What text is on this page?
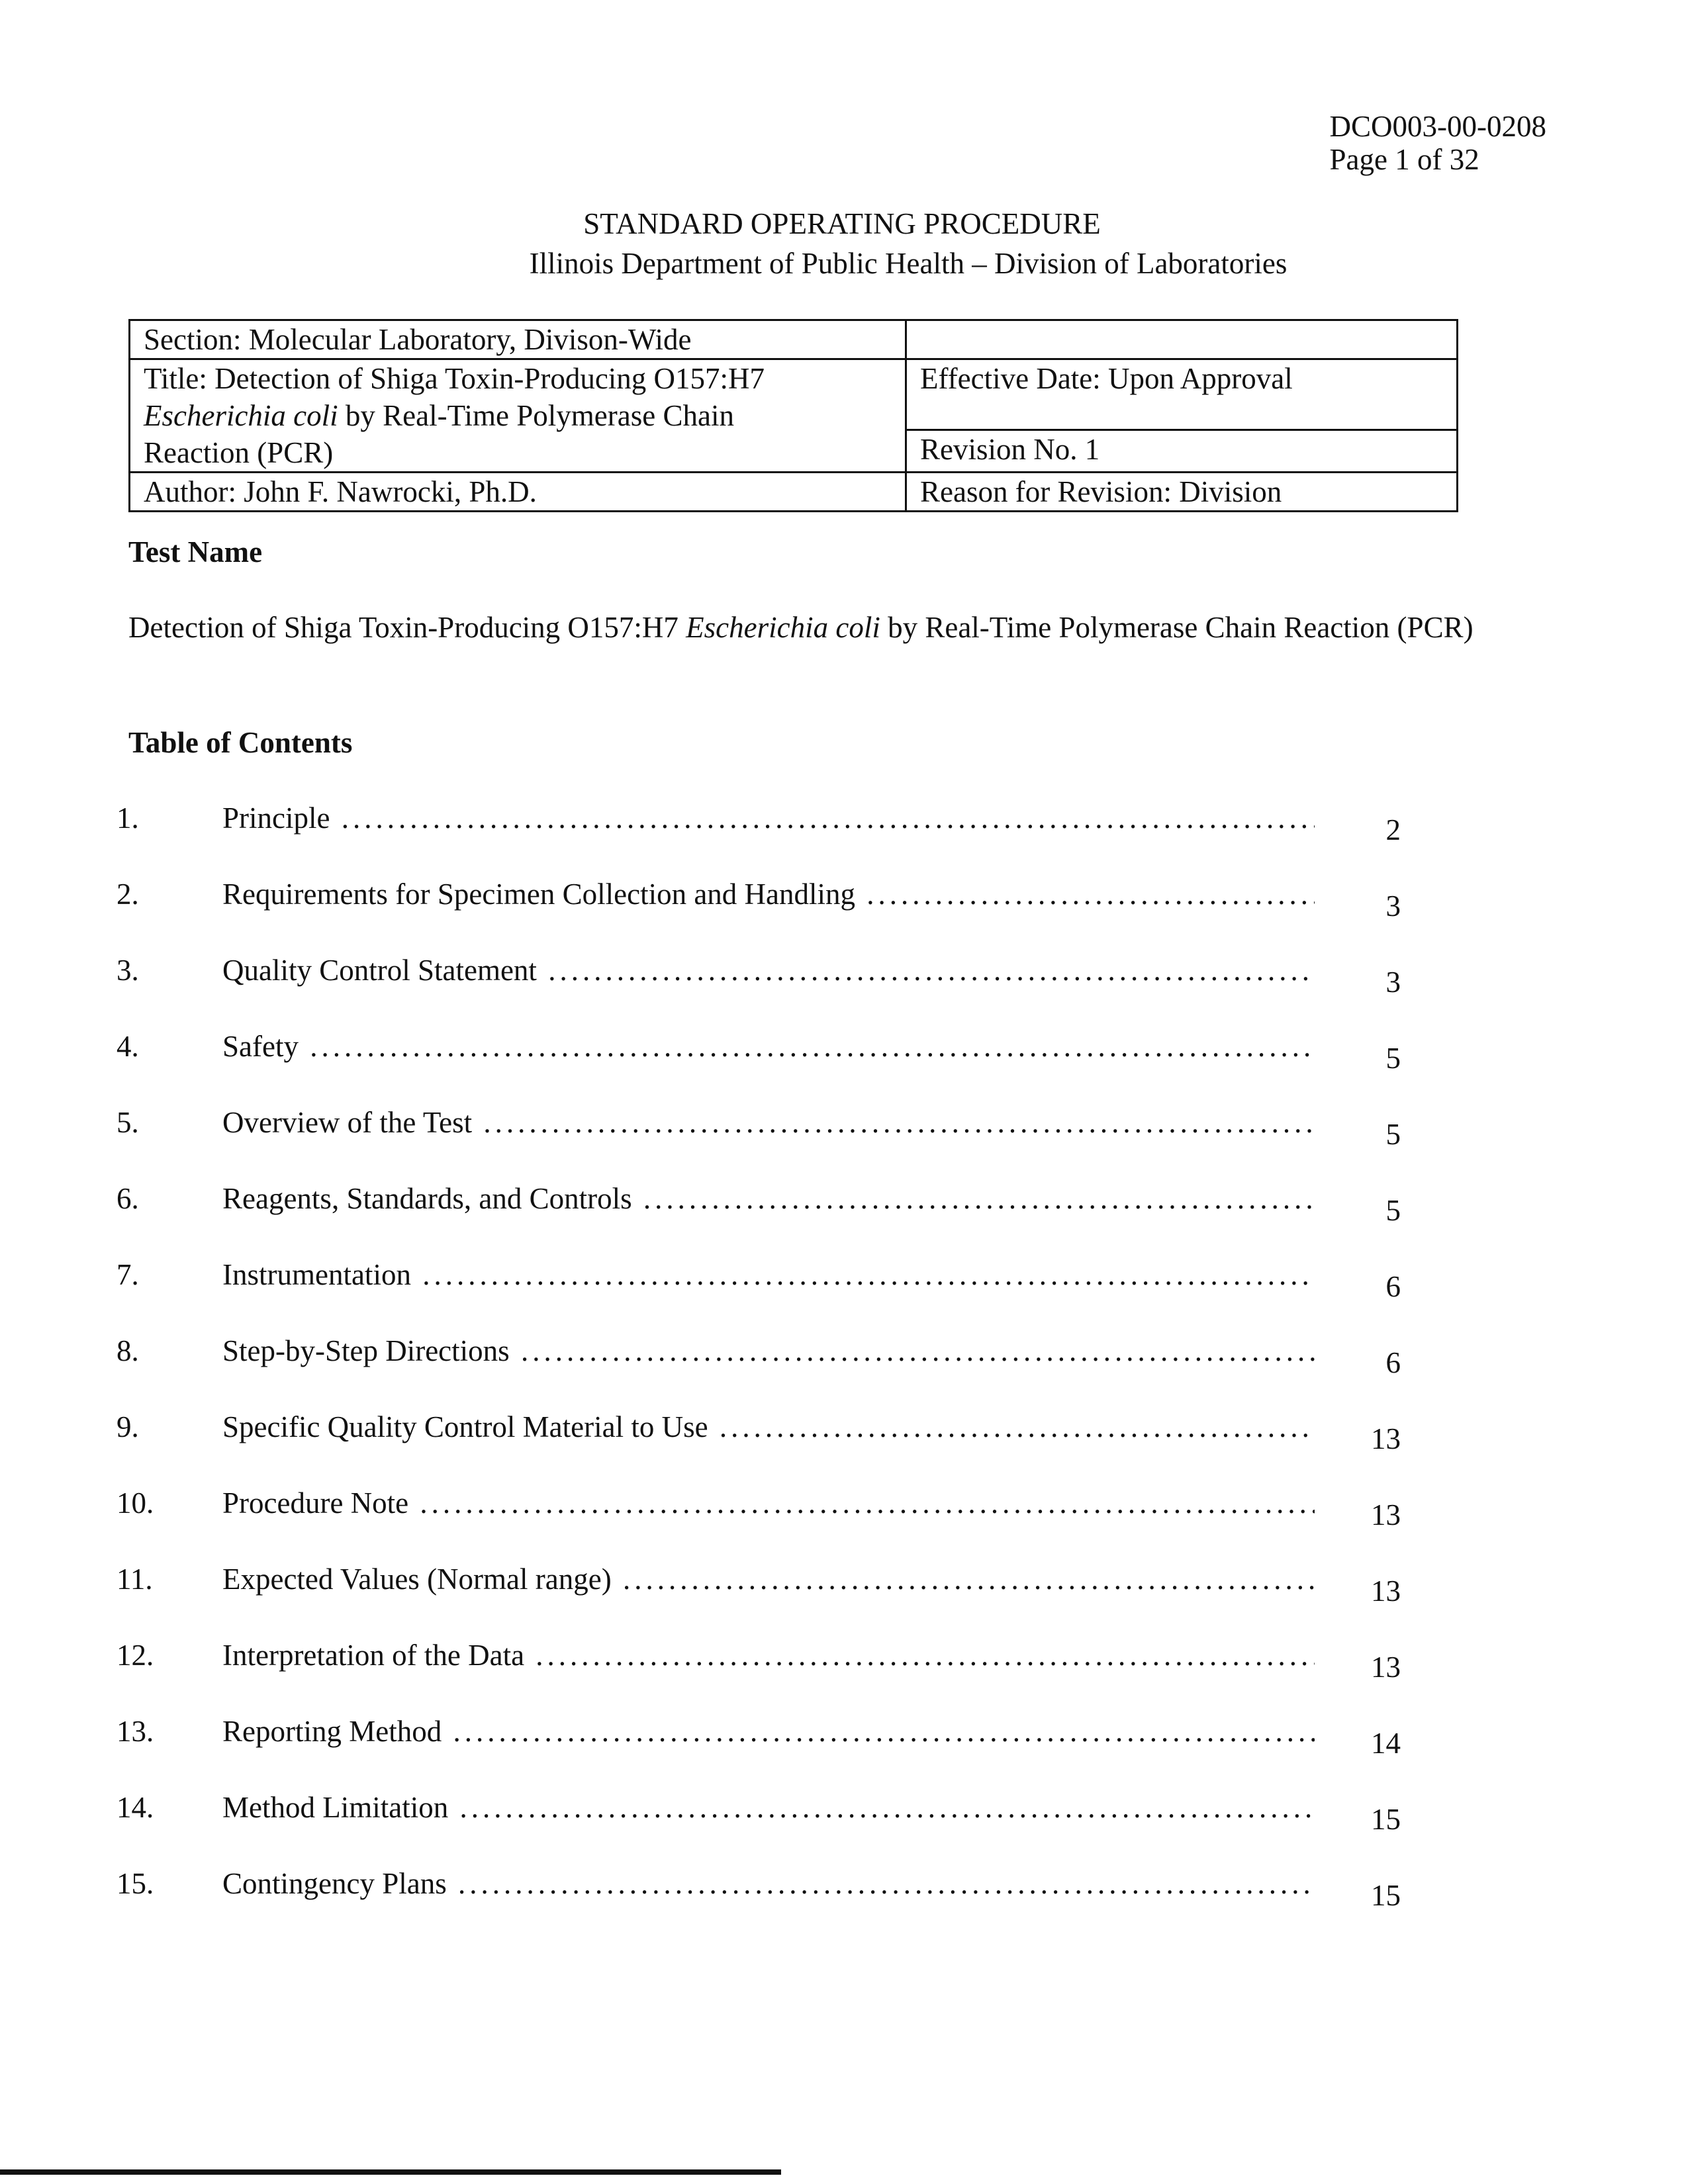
DCO003-00-0208
Page 1 of 32
STANDARD OPERATING PROCEDURE
Illinois Department of Public Health – Division of Laboratories
Section: Molecular Laboratory, Divison-Wide	
Title: Detection of Shiga Toxin-Producing O157:H7
Escherichia coli by Real-Time Polymerase Chain
Reaction (PCR)	Effective Date: Upon Approval
	Revision No. 1
Author: John F. Nawrocki, Ph.D.	Reason for Revision: Division
Test Name
Detection of Shiga Toxin-Producing O157:H7 Escherichia coli by Real-Time Polymerase Chain Reaction (PCR)
Table of Contents
1.	Principle .....	2
2.	Requirements for Specimen Collection and Handling .....	3
3.	Quality Control Statement .....	3
4.	Safety .....	5
5.	Overview of the Test .....	5
6.	Reagents, Standards, and Controls .....	5
7.	Instrumentation .....	6
8.	Step-by-Step Directions .....	6
9.	Specific Quality Control Material to Use .....	13
10. Procedure Note .....	13
11. Expected Values (Normal range) .....	13
12. Interpretation of the Data .....	13
13. Reporting Method .....	14
14. Method Limitation .....	15
15. Contingency Plans .....	15
